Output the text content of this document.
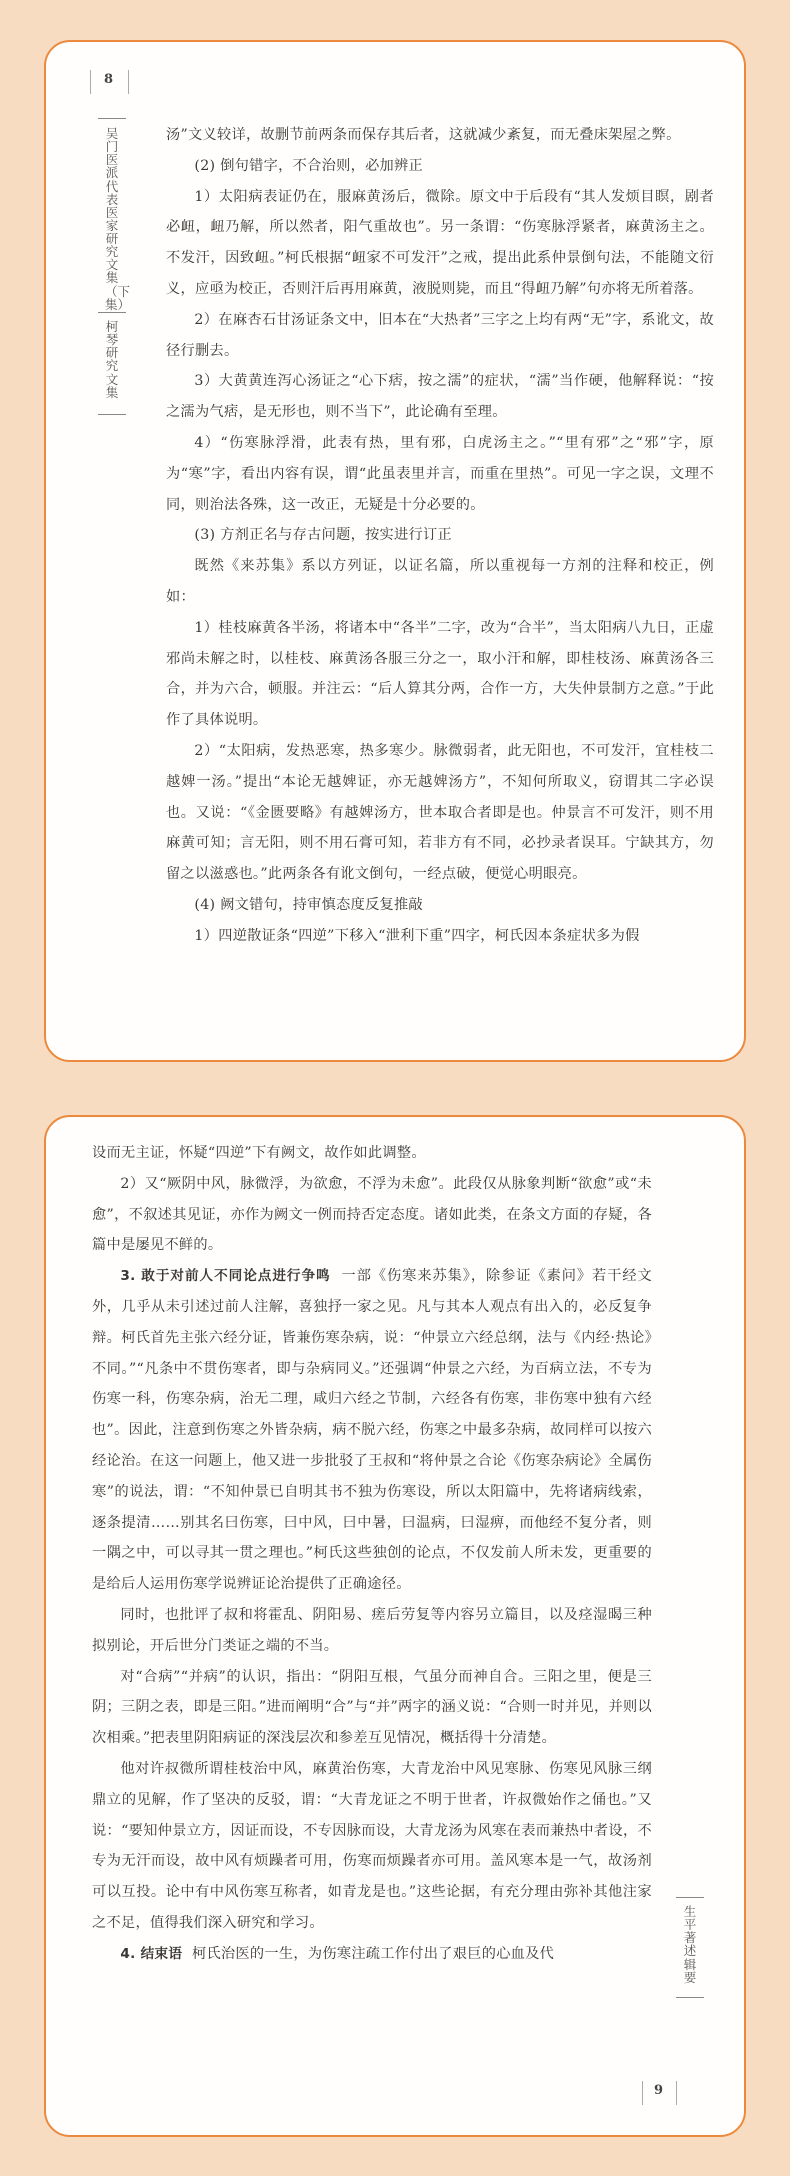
8
吴门医派代表医家研究文集（下集）
柯琴研究文集

汤”文义较详，故删节前两条而保存其后者，这就减少紊复，而无叠床架屋之弊。

(2) 倒句错字，不合治则，必加辨正

1）太阳病表证仍在，服麻黄汤后，微除。原文中于后段有“其人发烦目瞑，剧者必衄，衄乃解，所以然者，阳气重故也”。另一条谓：“伤寒脉浮紧者，麻黄汤主之。不发汗，因致衄。”柯氏根据“衄家不可发汗”之戒，提出此系仲景倒句法，不能随文衍义，应亟为校正，否则汗后再用麻黄，液脱则毙，而且“得衄乃解”句亦将无所着落。

2）在麻杏石甘汤证条文中，旧本在“大热者”三字之上均有两“无”字，系讹文，故径行删去。

3）大黄黄连泻心汤证之“心下痞，按之濡”的症状，“濡”当作硬，他解释说：“按之濡为气痞，是无形也，则不当下”，此论确有至理。

4）“伤寒脉浮滑，此表有热，里有邪，白虎汤主之。”“里有邪”之“邪”字，原为“寒”字，看出内容有误，谓“此虽表里并言，而重在里热”。可见一字之误，文理不同，则治法各殊，这一改正，无疑是十分必要的。

(3) 方剂正名与存古问题，按实进行订正

既然《来苏集》系以方列证，以证名篇，所以重视每一方剂的注释和校正，例如：

1）桂枝麻黄各半汤，将诸本中“各半”二字，改为“合半”，当太阳病八九日，正虚邪尚未解之时，以桂枝、麻黄汤各服三分之一，取小汗和解，即桂枝汤、麻黄汤各三合，并为六合，顿服。并注云：“后人算其分两，合作一方，大失仲景制方之意。”于此作了具体说明。

2）“太阳病，发热恶寒，热多寒少。脉微弱者，此无阳也，不可发汗，宜桂枝二越婢一汤。”提出“本论无越婢证，亦无越婢汤方”，不知何所取义，窃谓其二字必误也。又说：“《金匮要略》有越婢汤方，世本取合者即是也。仲景言不可发汗，则不用麻黄可知；言无阳，则不用石膏可知，若非方有不同，必抄录者误耳。宁缺其方，勿留之以滋惑也。”此两条各有讹文倒句，一经点破，便觉心明眼亮。

(4) 阙文错句，持审慎态度反复推敲

1）四逆散证条“四逆”下移入“泄利下重”四字，柯氏因本条症状多为假

设而无主证，怀疑“四逆”下有阙文，故作如此调整。

2）又“厥阴中风，脉微浮，为欲愈，不浮为未愈”。此段仅从脉象判断“欲愈”或“未愈”，不叙述其见证，亦作为阙文一例而持否定态度。诸如此类，在条文方面的存疑，各篇中是屡见不鲜的。

3. 敢于对前人不同论点进行争鸣 一部《伤寒来苏集》，除参证《素问》若干经文外，几乎从未引述过前人注解，喜独抒一家之见。凡与其本人观点有出入的，必反复争辩。柯氏首先主张六经分证，皆兼伤寒杂病，说：“仲景立六经总纲，法与《内经·热论》不同。”“凡条中不贯伤寒者，即与杂病同义。”还强调“仲景之六经，为百病立法，不专为伤寒一科，伤寒杂病，治无二理，咸归六经之节制，六经各有伤寒，非伤寒中独有六经也”。因此，注意到伤寒之外皆杂病，病不脱六经，伤寒之中最多杂病，故同样可以按六经论治。在这一问题上，他又进一步批驳了王叔和“将仲景之合论《伤寒杂病论》全属伤寒”的说法，谓：“不知仲景已自明其书不独为伤寒设，所以太阳篇中，先将诸病线索，逐条提清……别其名曰伤寒，曰中风，曰中暑，曰温病，曰湿痹，而他经不复分者，则一隅之中，可以寻其一贯之理也。”柯氏这些独创的论点，不仅发前人所未发，更重要的是给后人运用伤寒学说辨证论治提供了正确途径。

同时，也批评了叔和将霍乱、阴阳易、瘥后劳复等内容另立篇目，以及痉湿暍三种拟别论，开后世分门类证之端的不当。

对“合病”“并病”的认识，指出：“阴阳互根，气虽分而神自合。三阳之里，便是三阴；三阴之表，即是三阳。”进而阐明“合”与“并”两字的涵义说：“合则一时并见，并则以次相乘。”把表里阴阳病证的深浅层次和参差互见情况，概括得十分清楚。

他对许叔微所谓桂枝治中风，麻黄治伤寒，大青龙治中风见寒脉、伤寒见风脉三纲鼎立的见解，作了坚决的反驳，谓：“大青龙证之不明于世者，许叔微始作之俑也。”又说：“要知仲景立方，因证而设，不专因脉而设，大青龙汤为风寒在表而兼热中者设，不专为无汗而设，故中风有烦躁者可用，伤寒而烦躁者亦可用。盖风寒本是一气，故汤剂可以互投。论中有中风伤寒互称者，如青龙是也。”这些论据，有充分理由弥补其他注家之不足，值得我们深入研究和学习。

4. 结束语 柯氏治医的一生，为伤寒注疏工作付出了艰巨的心血及代

生平著述辑要
9
